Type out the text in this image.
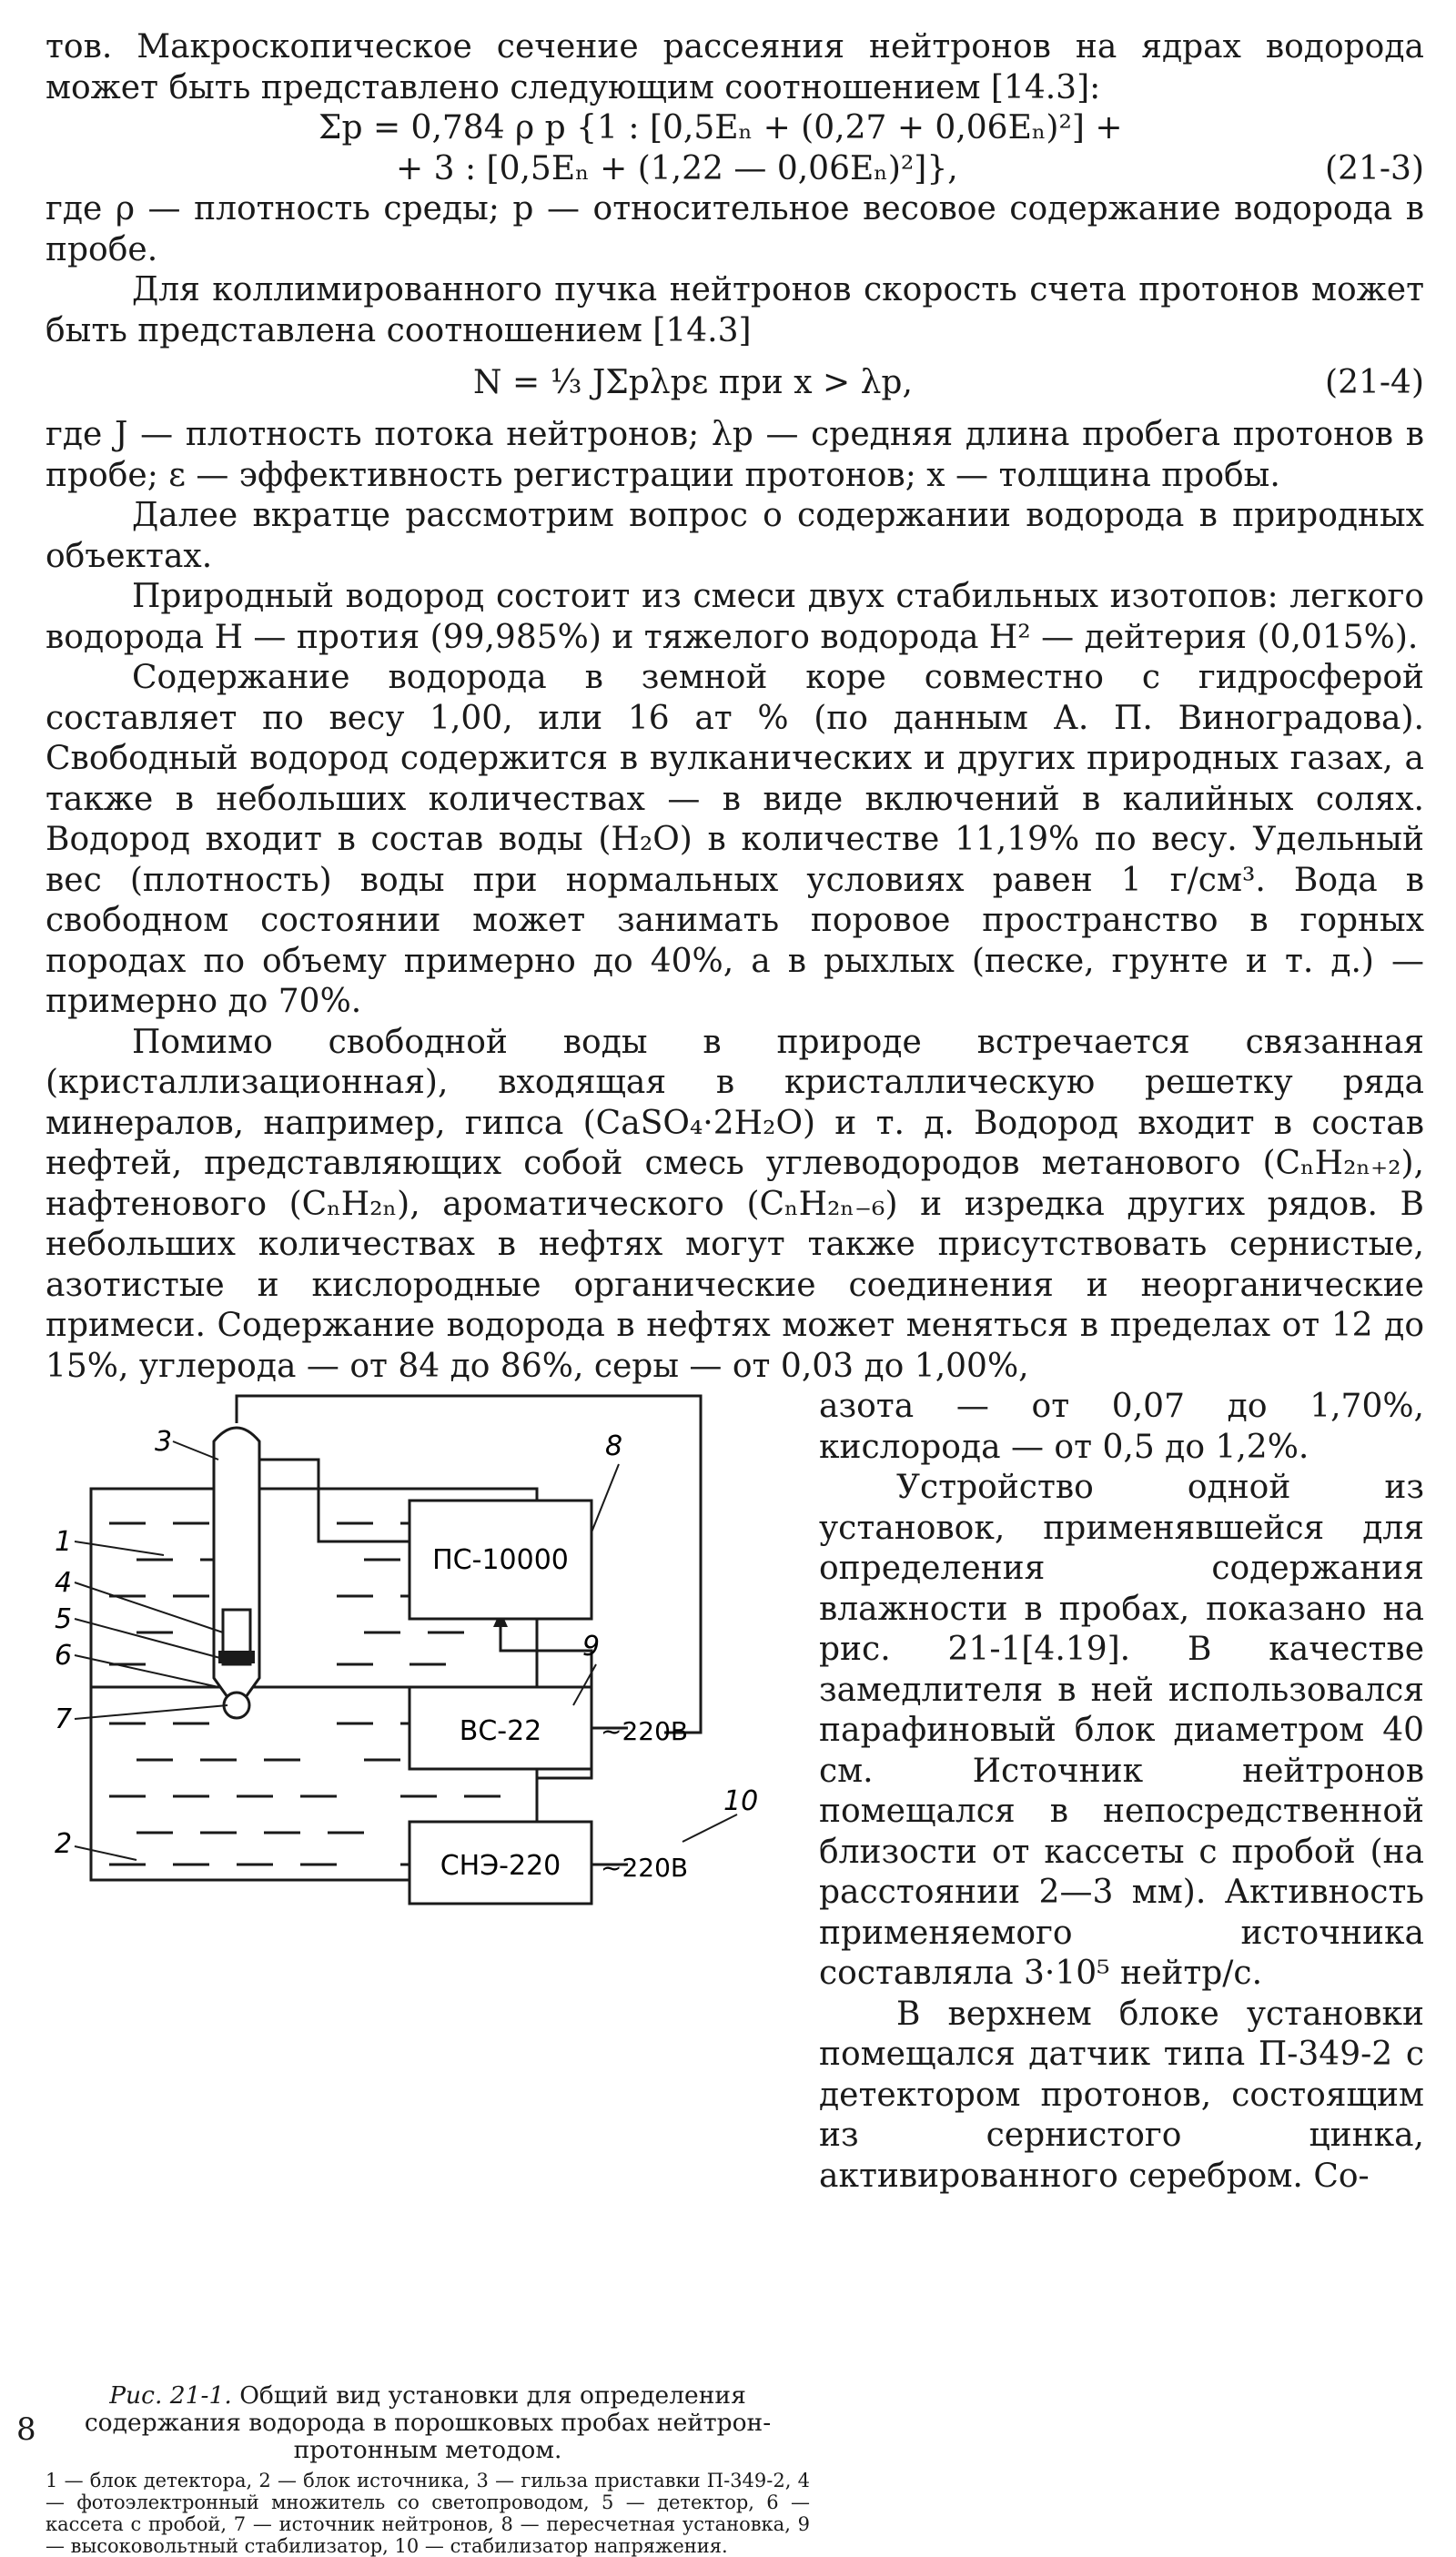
тов. Макроскопическое сечение рассеяния нейтронов на ядрах водорода может быть представлено следующим соотношением [14.3]:

Σp = 0,784 ρ p {1 : [0,5Eₙ + (0,27 + 0,06Eₙ)²] +
+ 3 : [0,5Eₙ + (1,22 — 0,06Eₙ)²]},	(21-3)

где ρ — плотность среды; p — относительное весовое содержание водорода в пробе.

Для коллимированного пучка нейтронов скорость счета протонов может быть представлена соотношением [14.3]

N = ⅓ JΣpλpε при x > λp,	(21-4)

где J — плотность потока нейтронов; λp — средняя длина пробега протонов в пробе; ε — эффективность регистрации протонов; x — толщина пробы.

Далее вкратце рассмотрим вопрос о содержании водорода в природных объектах.

Природный водород состоит из смеси двух стабильных изотопов: легкого водорода Н — протия (99,985%) и тяжелого водорода Н² — дейтерия (0,015%).

Содержание водорода в земной коре совместно с гидросферой составляет по весу 1,00, или 16 ат % (по данным А. П. Виноградова). Свободный водород содержится в вулканических и других природных газах, а также в небольших количествах — в виде включений в калийных солях. Водород входит в состав воды (H₂O) в количестве 11,19% по весу. Удельный вес (плотность) воды при нормальных условиях равен 1 г/см³. Вода в свободном состоянии может занимать поровое пространство в горных породах по объему примерно до 40%, а в рыхлых (песке, грунте и т. д.) — примерно до 70%.

Помимо свободной воды в природе встречается связанная (кристаллизационная), входящая в кристаллическую решетку ряда минералов, например, гипса (CaSO₄·2H₂O) и т. д. Водород входит в состав нефтей, представляющих собой смесь углеводородов метанового (CₙH₂ₙ₊₂), нафтенового (CₙH₂ₙ), ароматического (CₙH₂ₙ₋₆) и изредка других рядов. В небольших количествах в нефтях могут также присутствовать сернистые, азотистые и кислородные органические соединения и неорганические примеси. Содержание водорода в нефтях может меняться в пределах от 12 до 15%, углерода — от 84 до 86%, серы — от 0,03 до 1,00%,

ПС-10000
ВС-22
СНЭ-220
~220В
~220В
1
2
3
4
5
6
7
8
9
10

Рис. 21-1. Общий вид установки для определения содержания водорода в порошковых пробах нейтрон-протонным методом.

1 — блок детектора, 2 — блок источника, 3 — гильза приставки П-349-2, 4 — фотоэлектронный множитель со светопроводом, 5 — детектор, 6 — кассета с пробой, 7 — источник нейтронов, 8 — пересчетная установка, 9 — высоковольтный стабилизатор, 10 — стабилизатор напряжения.

азота — от 0,07 до 1,70%, кислорода — от 0,5 до 1,2%.

Устройство одной из установок, применявшейся для определения содержания влажности в пробах, показано на рис. 21-1[4.19]. В качестве замедлителя в ней использовался парафиновый блок диаметром 40 см. Источник нейтронов помещался в непосредственной близости от кассеты с пробой (на расстоянии 2—3 мм). Активность применяемого источника составляла 3·10⁵ нейтр/с.

В верхнем блоке установки помещался датчик типа П-349-2 с детектором протонов, состоящим из сернистого цинка, активированного серебром. Со-

8
